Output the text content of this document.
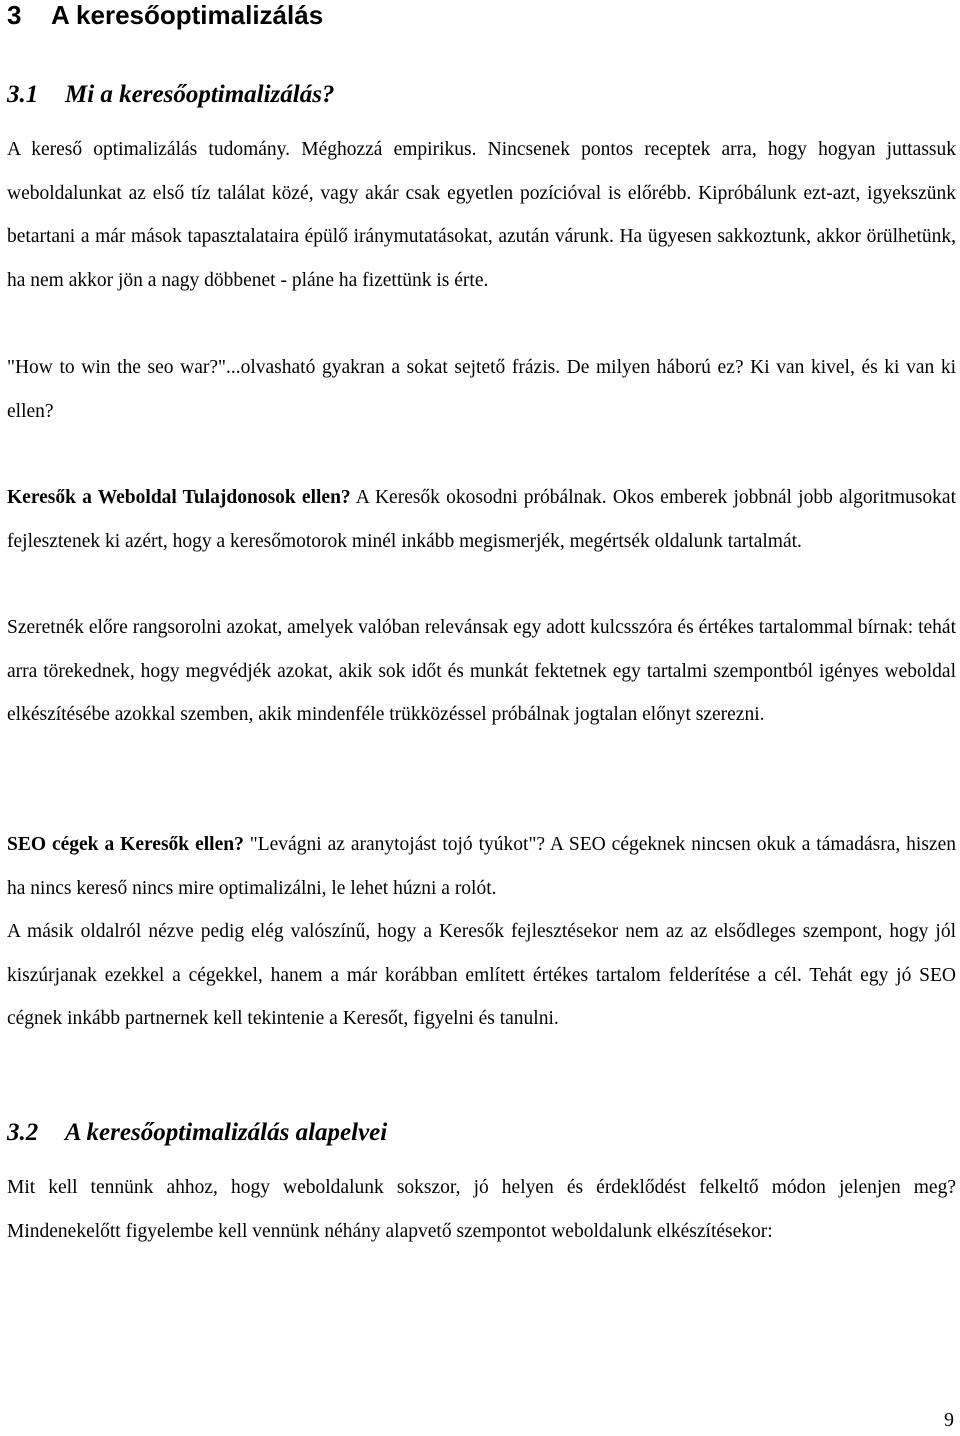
3 A keresőoptimalizálás
3.1 Mi a keresőoptimalizálás?

A kereső optimalizálás tudomány. Méghozzá empirikus. Nincsenek pontos receptek arra, hogy hogyan juttassuk weboldalunkat az első tíz találat közé, vagy akár csak egyetlen pozícióval is előrébb. Kipróbálunk ezt-azt, igyekszünk betartani a már mások tapasztalataira épülő iránymutatásokat, azután várunk. Ha ügyesen sakkoztunk, akkor örülhetünk, ha nem akkor jön a nagy döbbenet - pláne ha fizettünk is érte.

"How to win the seo war?"...olvasható gyakran a sokat sejtető frázis. De milyen háború ez? Ki van kivel, és ki van ki ellen?

Keresők a Weboldal Tulajdonosok ellen? A Keresők okosodni próbálnak. Okos emberek jobbnál jobb algoritmusokat fejlesztenek ki azért, hogy a keresőmotorok minél inkább megismerjék, megértsék oldalunk tartalmát.

Szeretnék előre rangsorolni azokat, amelyek valóban relevánsak egy adott kulcsszóra és értékes tartalommal bírnak: tehát arra törekednek, hogy megvédjék azokat, akik sok időt és munkát fektetnek egy tartalmi szempontból igényes weboldal elkészítésébe azokkal szemben, akik mindenféle trükközéssel próbálnak jogtalan előnyt szerezni.

SEO cégek a Keresők ellen? "Levágni az aranytojást tojó tyúkot"? A SEO cégeknek nincsen okuk a támadásra, hiszen ha nincs kereső nincs mire optimalizálni, le lehet húzni a rolót.

A másik oldalról nézve pedig elég valószínű, hogy a Keresők fejlesztésekor nem az az elsődleges szempont, hogy jól kiszúrjanak ezekkel a cégekkel, hanem a már korábban említett értékes tartalom felderítése a cél. Tehát egy jó SEO cégnek inkább partnernek kell tekintenie a Keresőt, figyelni és tanulni.

3.2 A keresőoptimalizálás alapelvei

Mit kell tennünk ahhoz, hogy weboldalunk sokszor, jó helyen és érdeklődést felkeltő módon jelenjen meg? Mindenekelőtt figyelembe kell vennünk néhány alapvető szempontot weboldalunk elkészítésekor:

9
